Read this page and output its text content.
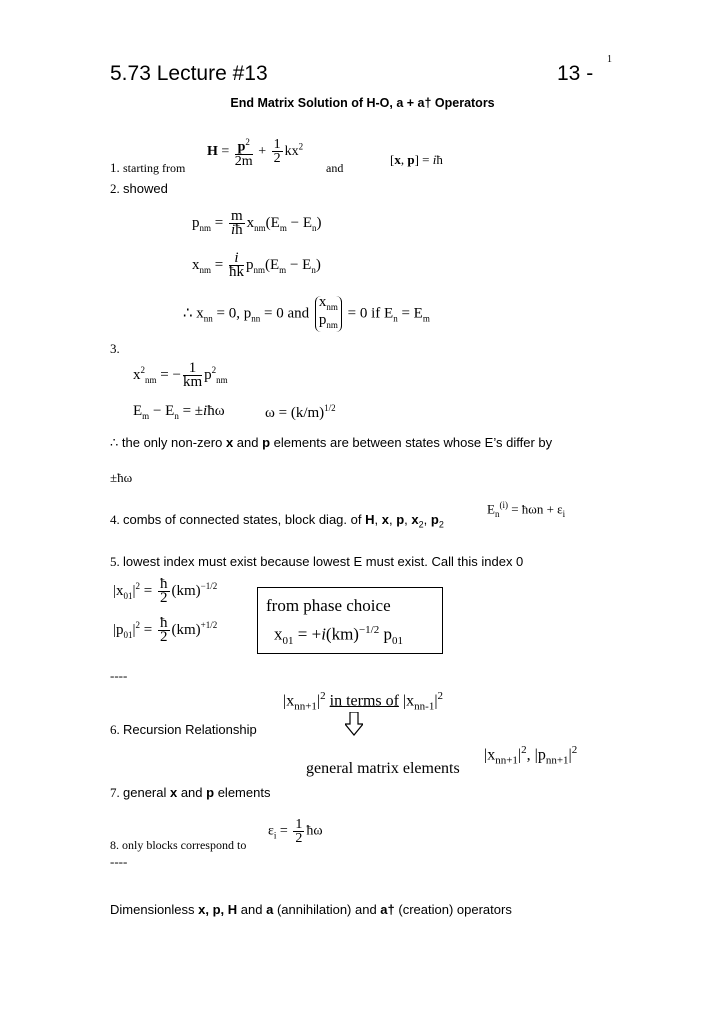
1
5.73 Lecture #13	13 -
End Matrix Solution of H-O, a + a† Operators
1. starting from
$H = \frac{p^2}{2m} + \frac{1}{2} kx^2$
and
[x, p] = iħ
2. showed
$p_{nm} = \frac{m}{iħ} x_{nm}(E_m - E_n)$
$x_{nm} = \frac{i}{ħk} p_{nm}(E_m - E_n)$
∴ $x_{nn} = 0$, $p_{nn} = 0$ and
$x_{nm}$
$p_{nm}$
= 0 if $E_n = E_m$
3.
$x^2_{nm}$ = − $\frac{1}{km} p^2_{nm}$
$E_m - E_n$ = ±iħω	$\omega = (k/m)^{1/2}$
∴ the only non-zero x and p elements are between states whose E’s differ by
±ħω
4. combs of connected states, block diag. of H, x, p, $x_2$, $p_2$
$E_n^{(i)}$ = ħωn + $\varepsilon_i$
5. lowest index must exist because lowest E must exist. Call this index 0
$|x_{01}|^2 = \frac{ħ}{2} (km)^{-1/2}$
$|p_{01}|^2 = \frac{ħ}{2} (km)^{+1/2}$
from phase choice
$x_{01} = +i(km)^{-1/2}$ $p_{01}$
----
$|x_{nn+1}|^2$ in terms of $|x_{nn-1}|^2$
6. Recursion Relationship
general matrix elements
$|x_{nn+1}|^2$, $|p_{nn+1}|^2$
7. general x and p elements
8. only blocks correspond to
$\varepsilon_i = \frac{1}{2}$ ħω
----
Dimensionless x, p, H and a (annihilation) and a† (creation) operators
